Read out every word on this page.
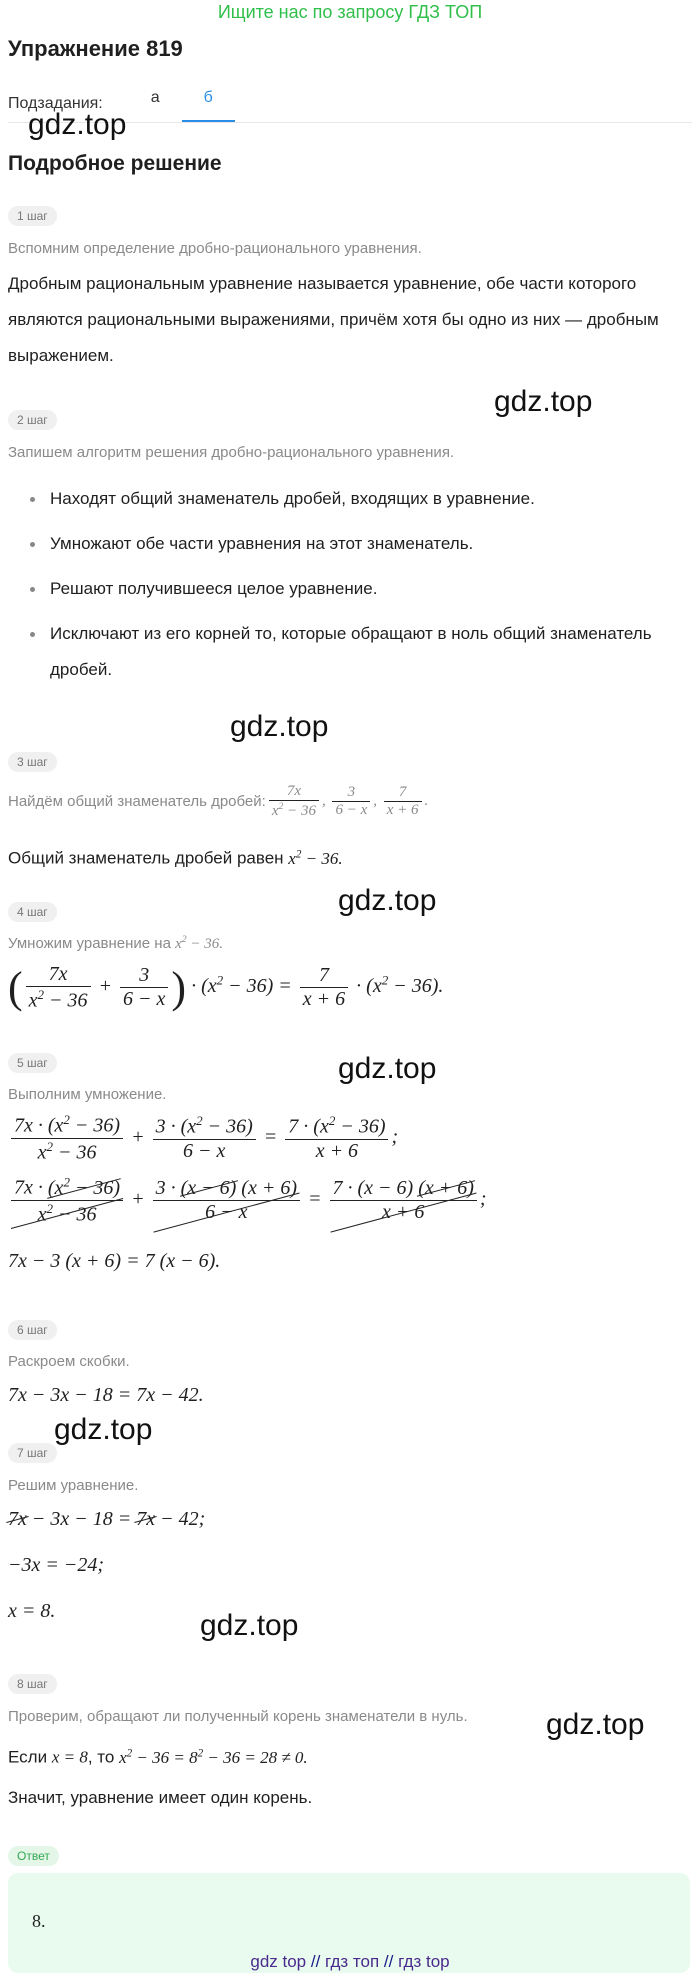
Ищите нас по запросу ГДЗ ТОП
Упражнение 819
Подзадания:	а	б
gdz.top
gdz.top
gdz.top
gdz.top
gdz.top
gdz.top
gdz.top
gdz.top
Подробное решение
1 шаг
Вспомним определение дробно-рационального уравнения.
Дробным рациональным уравнение называется уравнение, обе части которого являются рациональными выражениями, причём хотя бы одно из них — дробным выражением.
2 шаг
Запишем алгоритм решения дробно-рационального уравнения.
Находят общий знаменатель дробей, входящих в уравнение.
Умножают обе части уравнения на этот знаменатель.
Решают получившееся целое уравнение.
Исключают из его корней то, которые обращают в ноль общий знаменатель дробей.
3 шаг
Найдём общий знаменатель дробей: $\frac{7x}{x^2 - 36}$ , $\frac{3}{6 - x}$ , $\frac{7}{x + 6}$ .
Общий знаменатель дробей равен $x^2 - 36$.
4 шаг
Умножим уравнение на $x^2 - 36$.
( $\frac{7x}{x^2 - 36} + \frac{3}{6 - x}$ ) · $(x^2 - 36) = \frac{7}{x + 6} \cdot (x^2 - 36)$.
5 шаг
Выполним умножение.
$\frac{7x \cdot (x^2 - 36)}{x^2 - 36} + \frac{3 \cdot (x^2 - 36)}{6 - x} = \frac{7 \cdot (x^2 - 36)}{x + 6}$ ;
$\frac{7x \cdot (x^2 - 36)}{x^2 - 36} + \frac{3 \cdot (x - 6) (x + 6)}{6 - x} = \frac{7 \cdot (x - 6) (x + 6)}{x + 6}$ ;
7x − 3 (x + 6) = 7 (x − 6).
6 шаг
Раскроем скобки.
7x − 3x − 18 = 7x − 42.
7 шаг
Решим уравнение.
7x − 3x − 18 = 7x − 42;
−3x = −24;
x = 8.
8 шаг
Проверим, обращают ли полученный корень знаменатели в нуль.
Если x = 8, то $x^2 - 36 = 8^2 - 36 = 28 \ne 0$.
Значит, уравнение имеет один корень.
Ответ
8.
gdz top // гдз топ // гдз top
